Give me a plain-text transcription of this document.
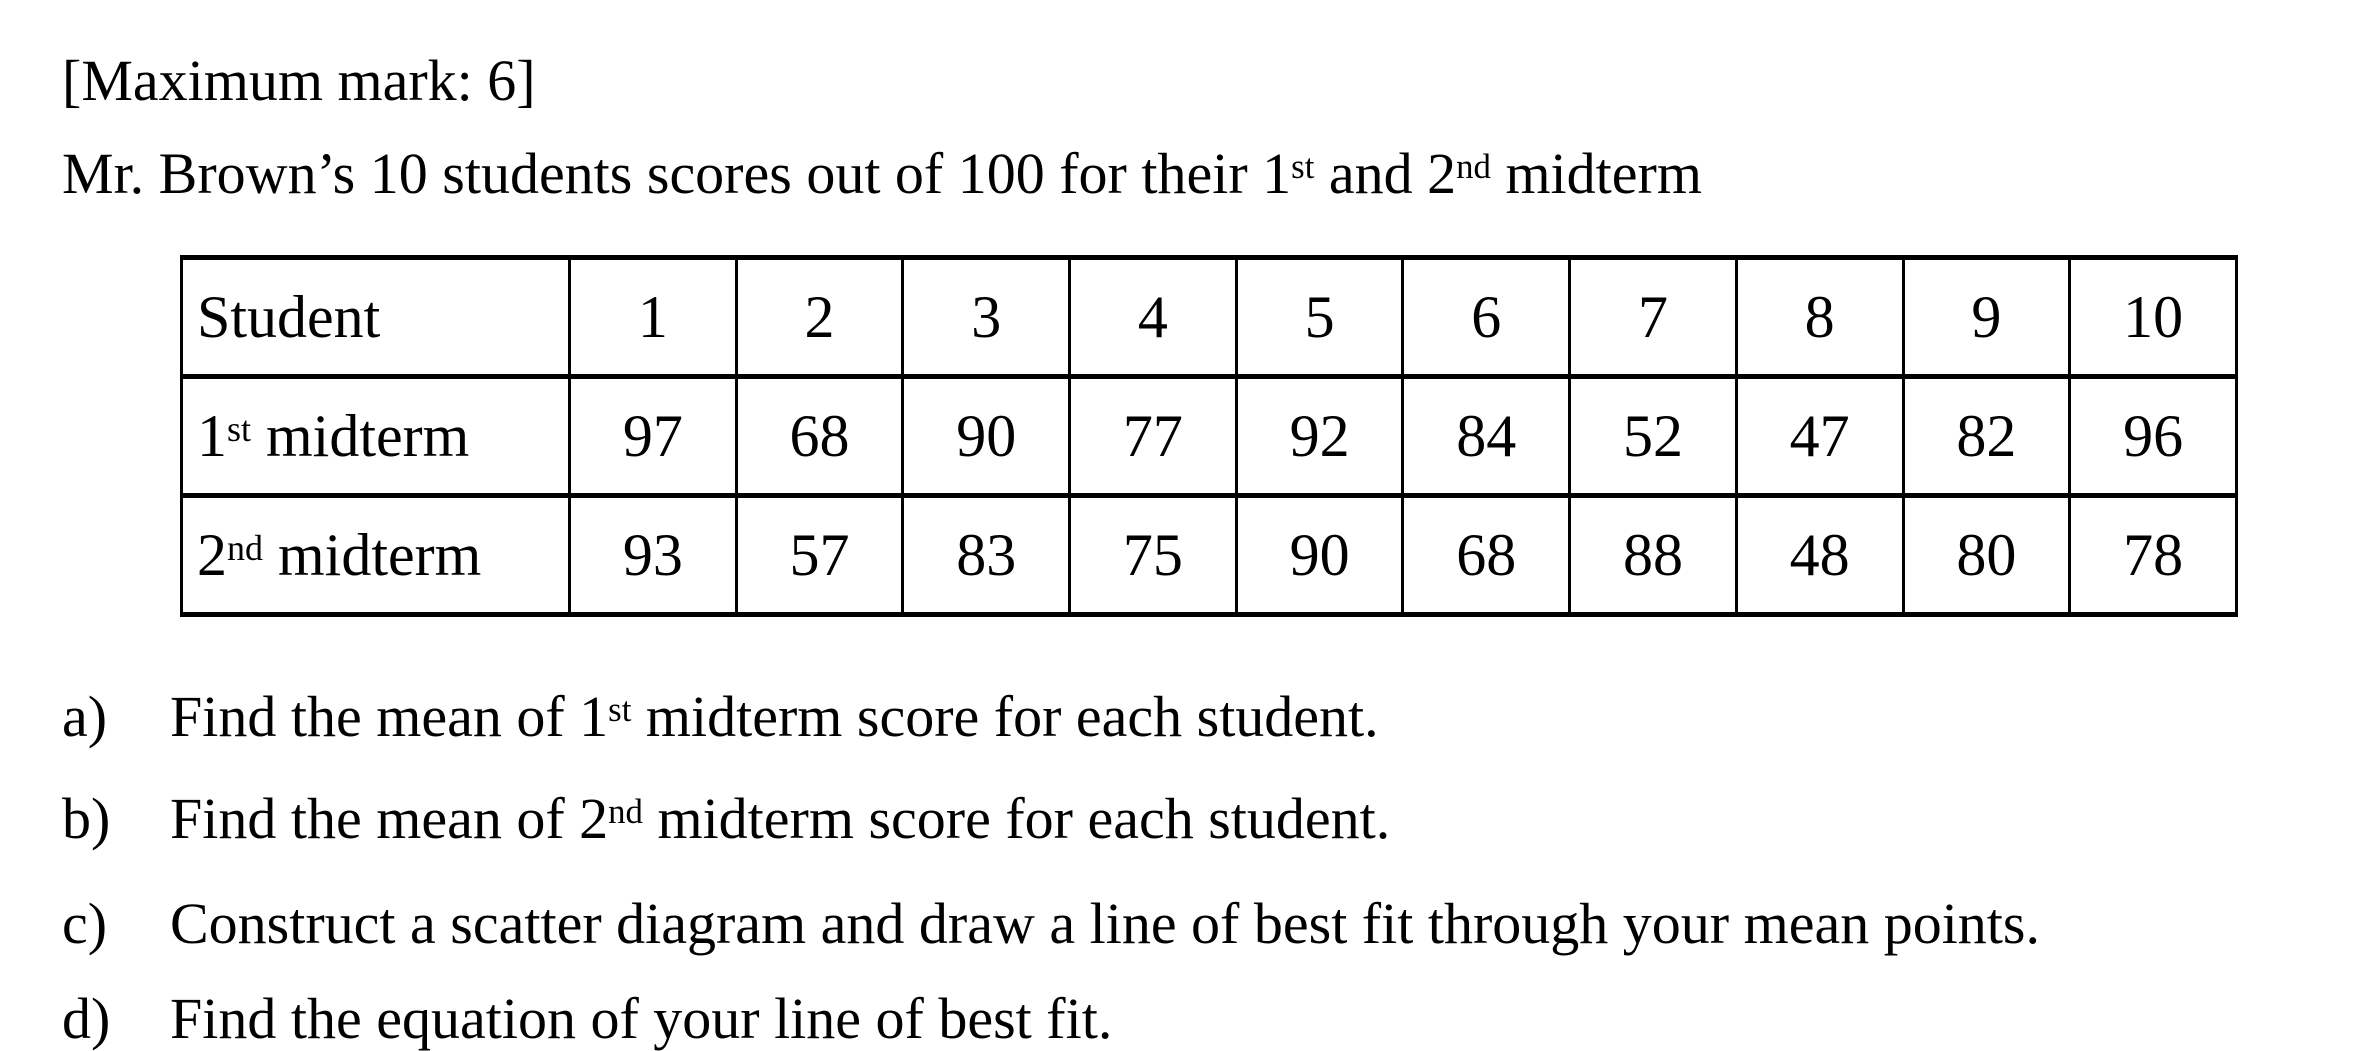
[Maximum mark: 6]
Mr. Brown’s 10 students scores out of 100 for their 1st and 2nd midterm
Student	1	2	3	4	5	6	7	8	9	10
1st midterm	97	68	90	77	92	84	52	47	82	96
2nd midterm	93	57	83	75	90	68	88	48	80	78
a)	Find the mean of 1st midterm score for each student.
b)	Find the mean of 2nd midterm score for each student.
c)	Construct a scatter diagram and draw a line of best fit through your mean points.
d)	Find the equation of your line of best fit.
